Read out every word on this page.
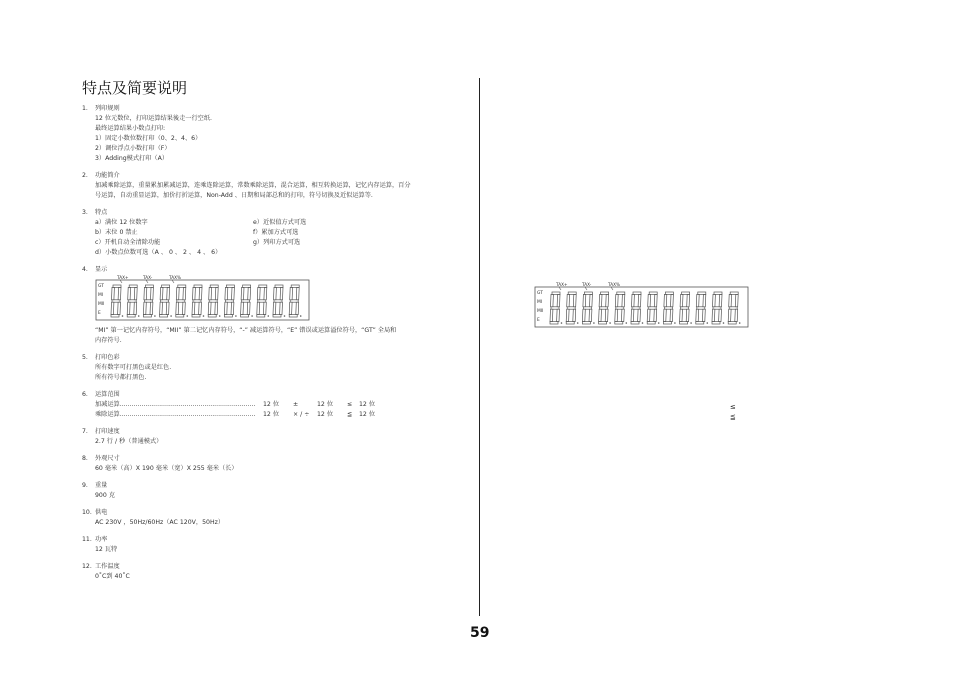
特点及简要说明
1.	列印规则
12 位元数位，打印运算结果後走一行空纸.
最终运算结果小数点打印:
1）固定小数位数打印（0、2、4、6）
2）调位浮点小数打印（F）
3）Adding模式打印（A）
2.	功能简介
加减乘除运算，重量累加累减运算，连乘连除运算，常数乘除运算，混合运算，相互转换运算，记忆内存运算，百分
号运算，自动重显运算，加价打折运算，Non-Add 、日期和局部总和的打印，符号切换及近似运算等.
3.	特点
a）满位 12 位数字
b）末位 0 禁止
c）开机自动全清除功能
d）小数点位数可选（A 、 0 、 2 、 4 、 6）
e）近似值方式可选
f）累加方式可选
g）列印方式可选
4.	显示
TAX+	TAX-	TAX%
GT
MI
MII
E
“MI” 第一记忆内存符号，“MII” 第二记忆内存符号，“-” 减运算符号，“E” 错误或运算溢位符号，“GT” 全局和
内存符号.
5.	打印色彩
所有数字可打黑色或是红色.
所有符号都打黑色.
6.	运算范围
加减运算.....................................................................	12 位	±	12 位	≤	12 位
乘除运算.....................................................................	12 位	× / ÷	12 位	≦	12 位
7.	打印速度
2.7 行 / 秒（普通模式）
8.	外观尺寸
60 毫米（高）X 190 毫米（宽）X 255 毫米（长）
9.	重量
900 克
10. 供电
AC 230V ，50Hz/60Hz（AC 120V，50Hz）
11. 功率
12 瓦特
12. 工作温度
0˚C到 40˚C
TAX+	TAX-	TAX%
GT
MI
MII
E
≤
≦
59
